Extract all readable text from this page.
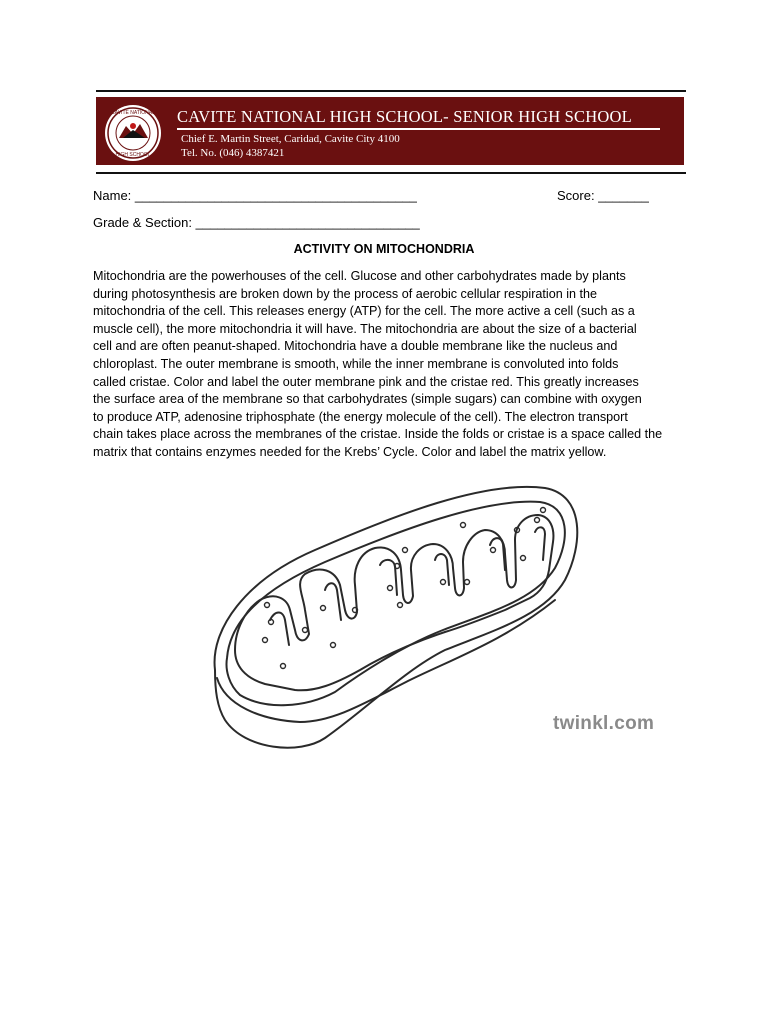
CAVITE NATIONAL
HIGH SCHOOL
CAVITE NATIONAL HIGH SCHOOL- SENIOR HIGH SCHOOL
Chief E. Martin Street, Caridad, Cavite City 4100
Tel. No. (046) 4387421
Name: _______________________________________	Score: _______
Grade & Section: _______________________________
ACTIVITY ON MITOCHONDRIA
Mitochondria are the powerhouses of the cell. Glucose and other carbohydrates made by plants
during photosynthesis are broken down by the process of aerobic cellular respiration in the
mitochondria of the cell. This releases energy (ATP) for the cell. The more active a cell (such as a
muscle cell), the more mitochondria it will have. The mitochondria are about the size of a bacterial
cell and are often peanut-shaped. Mitochondria have a double membrane like the nucleus and
chloroplast. The outer membrane is smooth, while the inner membrane is convoluted into folds
called cristae. Color and label the outer membrane pink and the cristae red. This greatly increases
the surface area of the membrane so that carbohydrates (simple sugars) can combine with oxygen
to produce ATP, adenosine triphosphate (the energy molecule of the cell). The electron transport
chain takes place across the membranes of the cristae. Inside the folds or cristae is a space called the
matrix that contains enzymes needed for the Krebs’ Cycle. Color and label the matrix yellow.
twinkl.com
